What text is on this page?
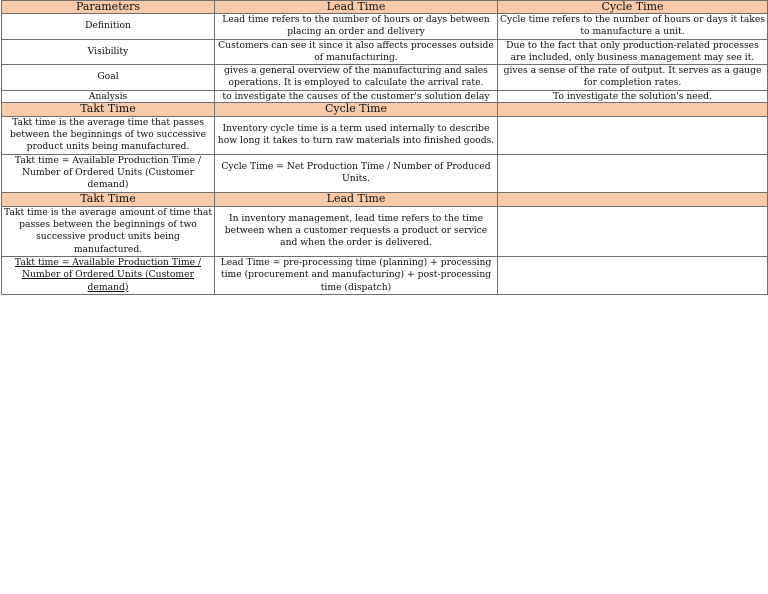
Parameters	Lead Time	Cycle Time
Definition	Lead time refers to the number of hours or days between placing an order and delivery	Cycle time refers to the number of hours or days it takes to manufacture a unit.
Visibility	Customers can see it since it also affects processes outside of manufacturing.	Due to the fact that only production-related processes are included, only business management may see it.
Goal	gives a general overview of the manufacturing and sales operations. It is employed to calculate the arrival rate.	gives a sense of the rate of output. It serves as a gauge for completion rates.
Analysis	to investigate the causes of the customer's solution delay	To investigate the solution's need.
Takt Time	Cycle Time	
Takt time is the average time that passes between the beginnings of two successive product units being manufactured.	Inventory cycle time is a term used internally to describe how long it takes to turn raw materials into finished goods.	
Takt time = Available Production Time / Number of Ordered Units (Customer demand)	Cycle Time = Net Production Time / Number of Produced Units.	
Takt Time	Lead Time	
Takt time is the average amount of time that passes between the beginnings of two successive product units being manufactured.	In inventory management, lead time refers to the time between when a customer requests a product or service and when the order is delivered.	
Takt time = Available Production Time / Number of Ordered Units (Customer demand)	Lead Time = pre-processing time (planning) + processing time (procurement and manufacturing) + post-processing time (dispatch)	
